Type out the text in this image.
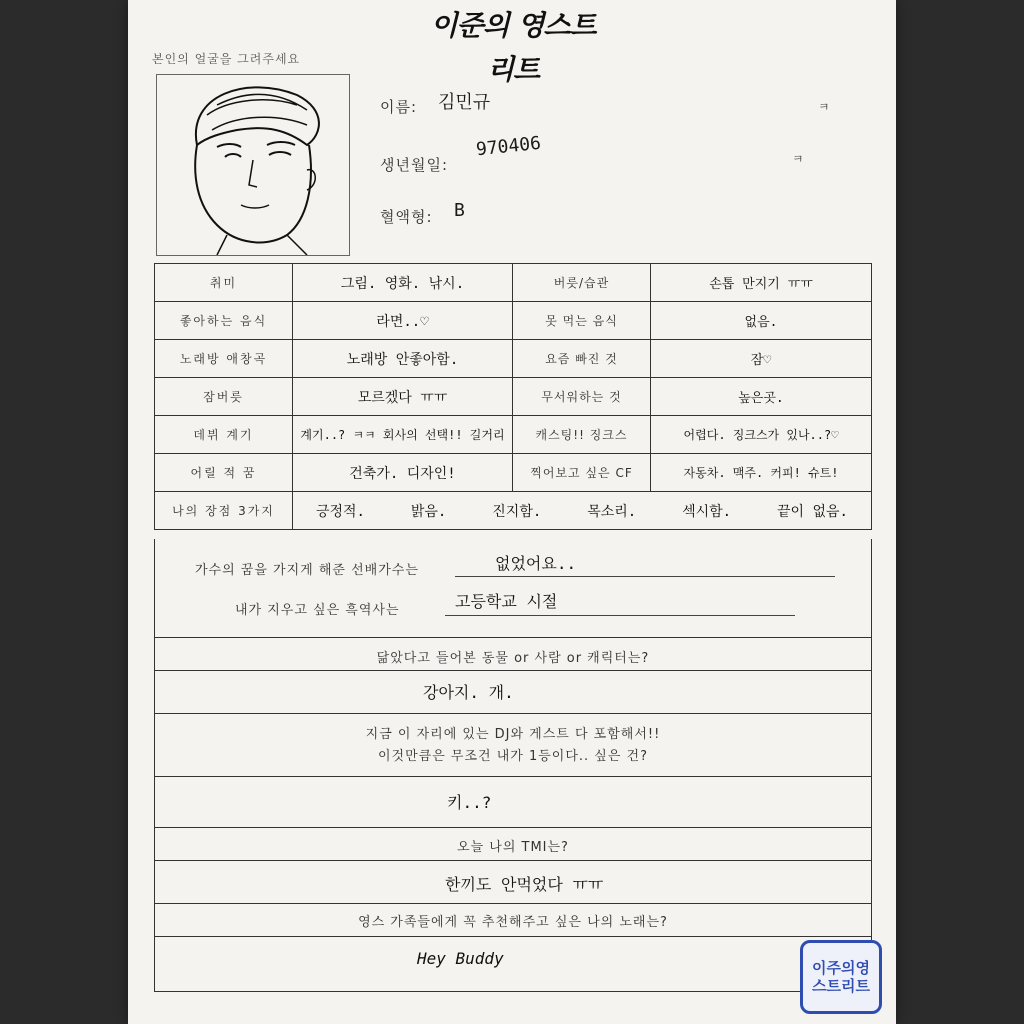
이준의 영스트리트
본인의 얼굴을 그려주세요
이름: 김민규	ㅋ
생년월일:
970406	ㅋ
혈액형: B
취미	그림. 영화. 낚시.	버릇/습관	손톱 만지기 ㅠㅠ
좋아하는 음식	라면..♡	못 먹는 음식	없음.
노래방 애창곡	노래방 안좋아함.	요즘 빠진 것	잠♡
잠버릇	모르겠다 ㅠㅠ	무서워하는 것	높은곳.
데뷔 계기	계기..? ㅋㅋ 회사의 선택!! 길거리	캐스팅!! 징크스	어렵다. 징크스가 있나..?♡
어릴 적 꿈	건축가. 디자인!	찍어보고 싶은 CF	자동차. 맥주. 커피! 슈트!
나의 장점 3가지	긍정적.	밝음.	진지함.	목소리.	섹시함.	끝이 없음.
가수의 꿈을 가지게 해준 선배가수는	없었어요..
내가 지우고 싶은 흑역사는	고등학교 시절
닮았다고 들어본 동물 or 사람 or 캐릭터는?
강아지. 개.
지금 이 자리에 있는 DJ와 게스트 다 포함해서!!
이것만큼은 무조건 내가 1등이다.. 싶은 건?
키..?
오늘 나의 TMI는?
한끼도 안먹었다 ㅠㅠ
영스 가족들에게 꼭 추천해주고 싶은 나의 노래는?
Hey Buddy	이주의영
스트리트
